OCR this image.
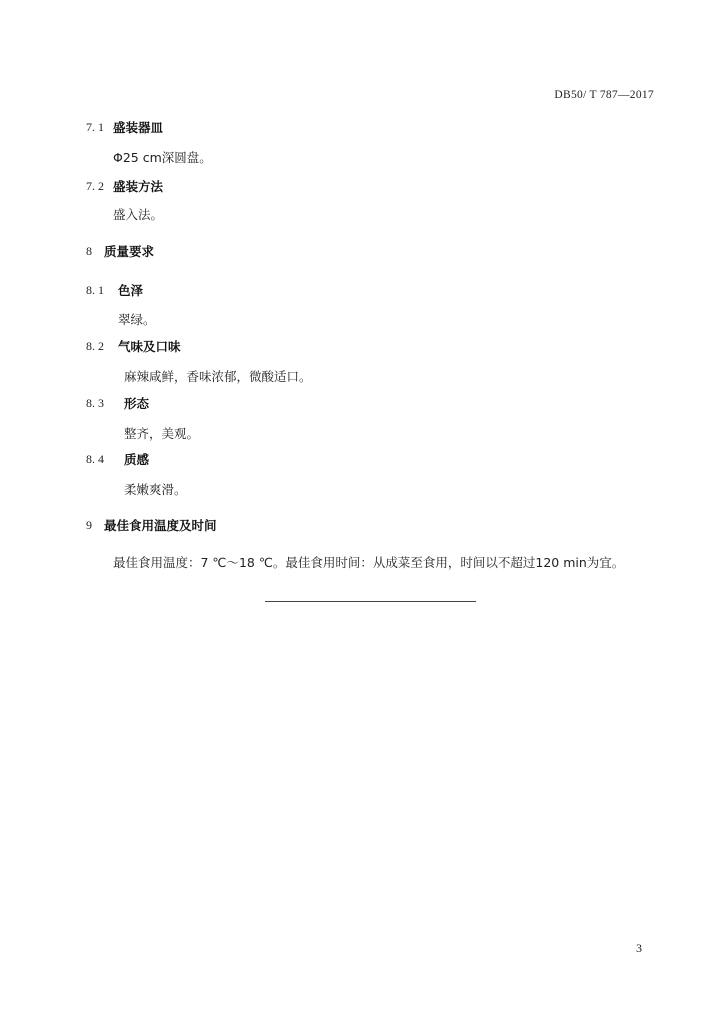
DB50/ T 787—2017
7. 1 盛装器皿
Φ25 cm深圆盘。
7. 2 盛装方法
盛入法。
8 质量要求
8. 1 色泽
翠绿。
8. 2 气味及口味
麻辣咸鲜，香味浓郁，微酸适口。
8. 3 形态
整齐，美观。
8. 4 质感
柔嫩爽滑。
9 最佳食用温度及时间
最佳食用温度：7 ℃～18 ℃。最佳食用时间：从成菜至食用，时间以不超过120 min为宜。
3
